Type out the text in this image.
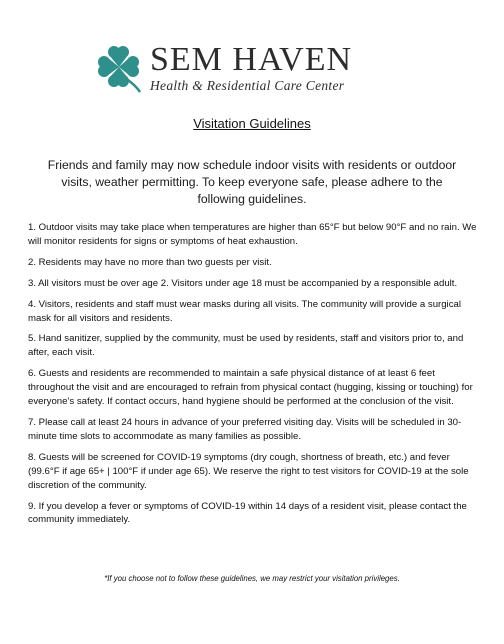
SEM HAVEN
Health & Residential Care Center
Visitation Guidelines
Friends and family may now schedule indoor visits with residents or outdoor visits, weather permitting. To keep everyone safe, please adhere to the following guidelines.
1. Outdoor visits may take place when temperatures are higher than 65°F but below 90°F and no rain. We will monitor residents for signs or symptoms of heat exhaustion.
2. Residents may have no more than two guests per visit.
3. All visitors must be over age 2. Visitors under age 18 must be accompanied by a responsible adult.
4. Visitors, residents and staff must wear masks during all visits. The community will provide a surgical mask for all visitors and residents.
5. Hand sanitizer, supplied by the community, must be used by residents, staff and visitors prior to, and after, each visit.
6. Guests and residents are recommended to maintain a safe physical distance of at least 6 feet throughout the visit and are encouraged to refrain from physical contact (hugging, kissing or touching) for everyone’s safety. If contact occurs, hand hygiene should be performed at the conclusion of the visit.
7. Please call at least 24 hours in advance of your preferred visiting day. Visits will be scheduled in 30-minute time slots to accommodate as many families as possible.
8. Guests will be screened for COVID-19 symptoms (dry cough, shortness of breath, etc.) and fever (99.6°F if age 65+ | 100°F if under age 65). We reserve the right to test visitors for COVID-19 at the sole discretion of the community.
9. If you develop a fever or symptoms of COVID-19 within 14 days of a resident visit, please contact the community immediately.
*If you choose not to follow these guidelines, we may restrict your visitation privileges.
